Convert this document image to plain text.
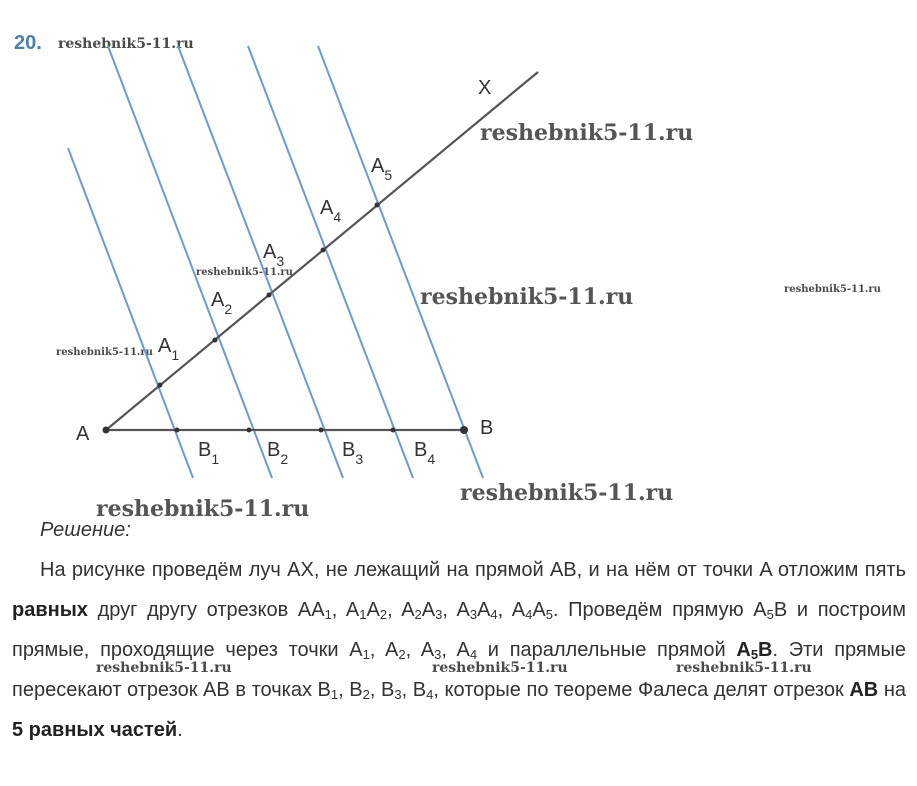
20. reshebnik5-11.ru
reshebnik5-11.ru
reshebnik5-11.ru
reshebnik5-11.ru	reshebnik5-11.ru
reshebnik5-11.ru
reshebnik5-11.ru
reshebnik5-11.ru
reshebnik5-11.ru	reshebnik5-11.ru	reshebnik5-11.ru
A	B
X
$A_1$
$A_2$
$A_3$
$A_4$
$A_5$
$B_1$ $B_2$	$B_3$	$B_4$
Решение:
На рисунке проведём луч AX, не лежащий на прямой AB, и на нём от точки A отложим пять равных друг другу отрезков $AA_1$, $A_1A_2$, $A_2A_3$, $A_3A_4$, $A_4A_5$. Проведём прямую $A_5B$ и построим прямые, проходящие через точки $A_1$, $A_2$, $A_3$, $A_4$ и параллельные прямой $A_5B$. Эти прямые пересекают отрезок AB в точках $B_1$, $B_2$, $B_3$, $B_4$, которые по теореме Фалеса делят отрезок AB на 5 равных частей.
